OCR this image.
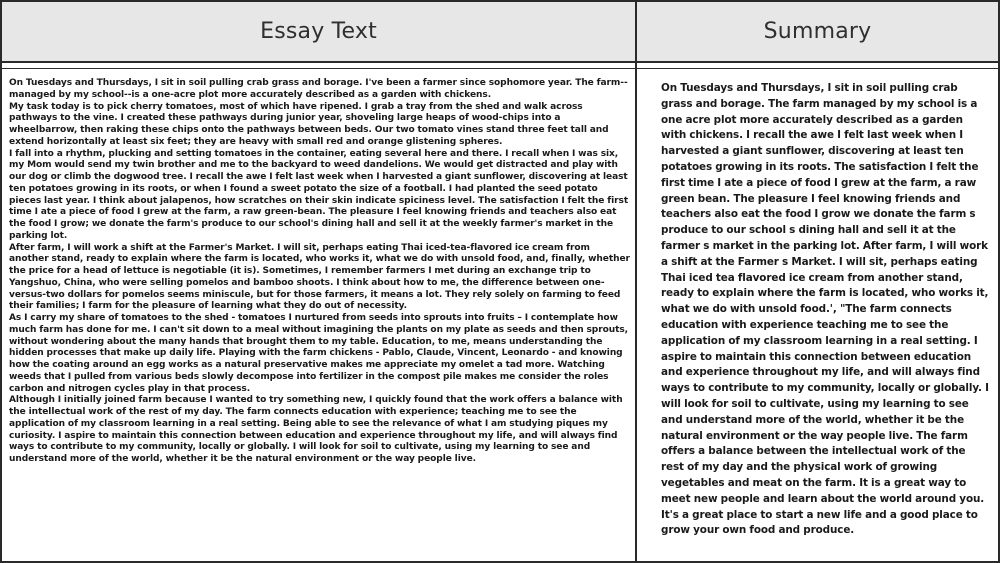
Essay Text

On Tuesdays and Thursdays, I sit in soil pulling crab grass and borage. I've been a farmer since sophomore year. The farm--managed by my school--is a one-acre plot more accurately described as a garden with chickens.

My task today is to pick cherry tomatoes, most of which have ripened. I grab a tray from the shed and walk across pathways to the vine. I created these pathways during junior year, shoveling large heaps of wood-chips into a wheelbarrow, then raking these chips onto the pathways between beds. Our two tomato vines stand three feet tall and extend horizontally at least six feet; they are heavy with small red and orange glistening spheres.

I fall into a rhythm, plucking and setting tomatoes in the container, eating several here and there. I recall when I was six, my Mom would send my twin brother and me to the backyard to weed dandelions. We would get distracted and play with our dog or climb the dogwood tree. I recall the awe I felt last week when I harvested a giant sunflower, discovering at least ten potatoes growing in its roots, or when I found a sweet potato the size of a football. I had planted the seed potato pieces last year. I think about jalapenos, how scratches on their skin indicate spiciness level. The satisfaction I felt the first time I ate a piece of food I grew at the farm, a raw green-bean. The pleasure I feel knowing friends and teachers also eat the food I grow; we donate the farm's produce to our school's dining hall and sell it at the weekly farmer's market in the parking lot.

After farm, I will work a shift at the Farmer's Market. I will sit, perhaps eating Thai iced-tea-flavored ice cream from another stand, ready to explain where the farm is located, who works it, what we do with unsold food, and, finally, whether the price for a head of lettuce is negotiable (it is). Sometimes, I remember farmers I met during an exchange trip to Yangshuo, China, who were selling pomelos and bamboo shoots. I think about how to me, the difference between one-versus-two dollars for pomelos seems miniscule, but for those farmers, it means a lot. They rely solely on farming to feed their families; I farm for the pleasure of learning what they do out of necessity.

As I carry my share of tomatoes to the shed - tomatoes I nurtured from seeds into sprouts into fruits – I contemplate how much farm has done for me. I can't sit down to a meal without imagining the plants on my plate as seeds and then sprouts, without wondering about the many hands that brought them to my table. Education, to me, means understanding the hidden processes that make up daily life. Playing with the farm chickens - Pablo, Claude, Vincent, Leonardo - and knowing how the coating around an egg works as a natural preservative makes me appreciate my omelet a tad more. Watching weeds that I pulled from various beds slowly decompose into fertilizer in the compost pile makes me consider the roles carbon and nitrogen cycles play in that process.

Although I initially joined farm because I wanted to try something new, I quickly found that the work offers a balance with the intellectual work of the rest of my day. The farm connects education with experience; teaching me to see the application of my classroom learning in a real setting. Being able to see the relevance of what I am studying piques my curiosity. I aspire to maintain this connection between education and experience throughout my life, and will always find ways to contribute to my community, locally or globally. I will look for soil to cultivate, using my learning to see and understand more of the world, whether it be the natural environment or the way people live.

Summary
On Tuesdays and Thursdays, I sit in soil pulling crab grass and borage. The farm managed by my school is a one acre plot more accurately described as a garden with chickens. I recall the awe I felt last week when I harvested a giant sunflower, discovering at least ten potatoes growing in its roots. The satisfaction I felt the first time I ate a piece of food I grew at the farm, a raw green bean. The pleasure I feel knowing friends and teachers also eat the food I grow we donate the farm s produce to our school s dining hall and sell it at the farmer s market in the parking lot. After farm, I will work a shift at the Farmer s Market. I will sit, perhaps eating Thai iced tea flavored ice cream from another stand, ready to explain where the farm is located, who works it, what we do with unsold food.', "The farm connects education with experience teaching me to see the application of my classroom learning in a real setting. I aspire to maintain this connection between education and experience throughout my life, and will always find ways to contribute to my community, locally or globally. I will look for soil to cultivate, using my learning to see and understand more of the world, whether it be the natural environment or the way people live. The farm offers a balance between the intellectual work of the rest of my day and the physical work of growing vegetables and meat on the farm. It is a great way to meet new people and learn about the world around you. It's a great place to start a new life and a good place to grow your own food and produce.
